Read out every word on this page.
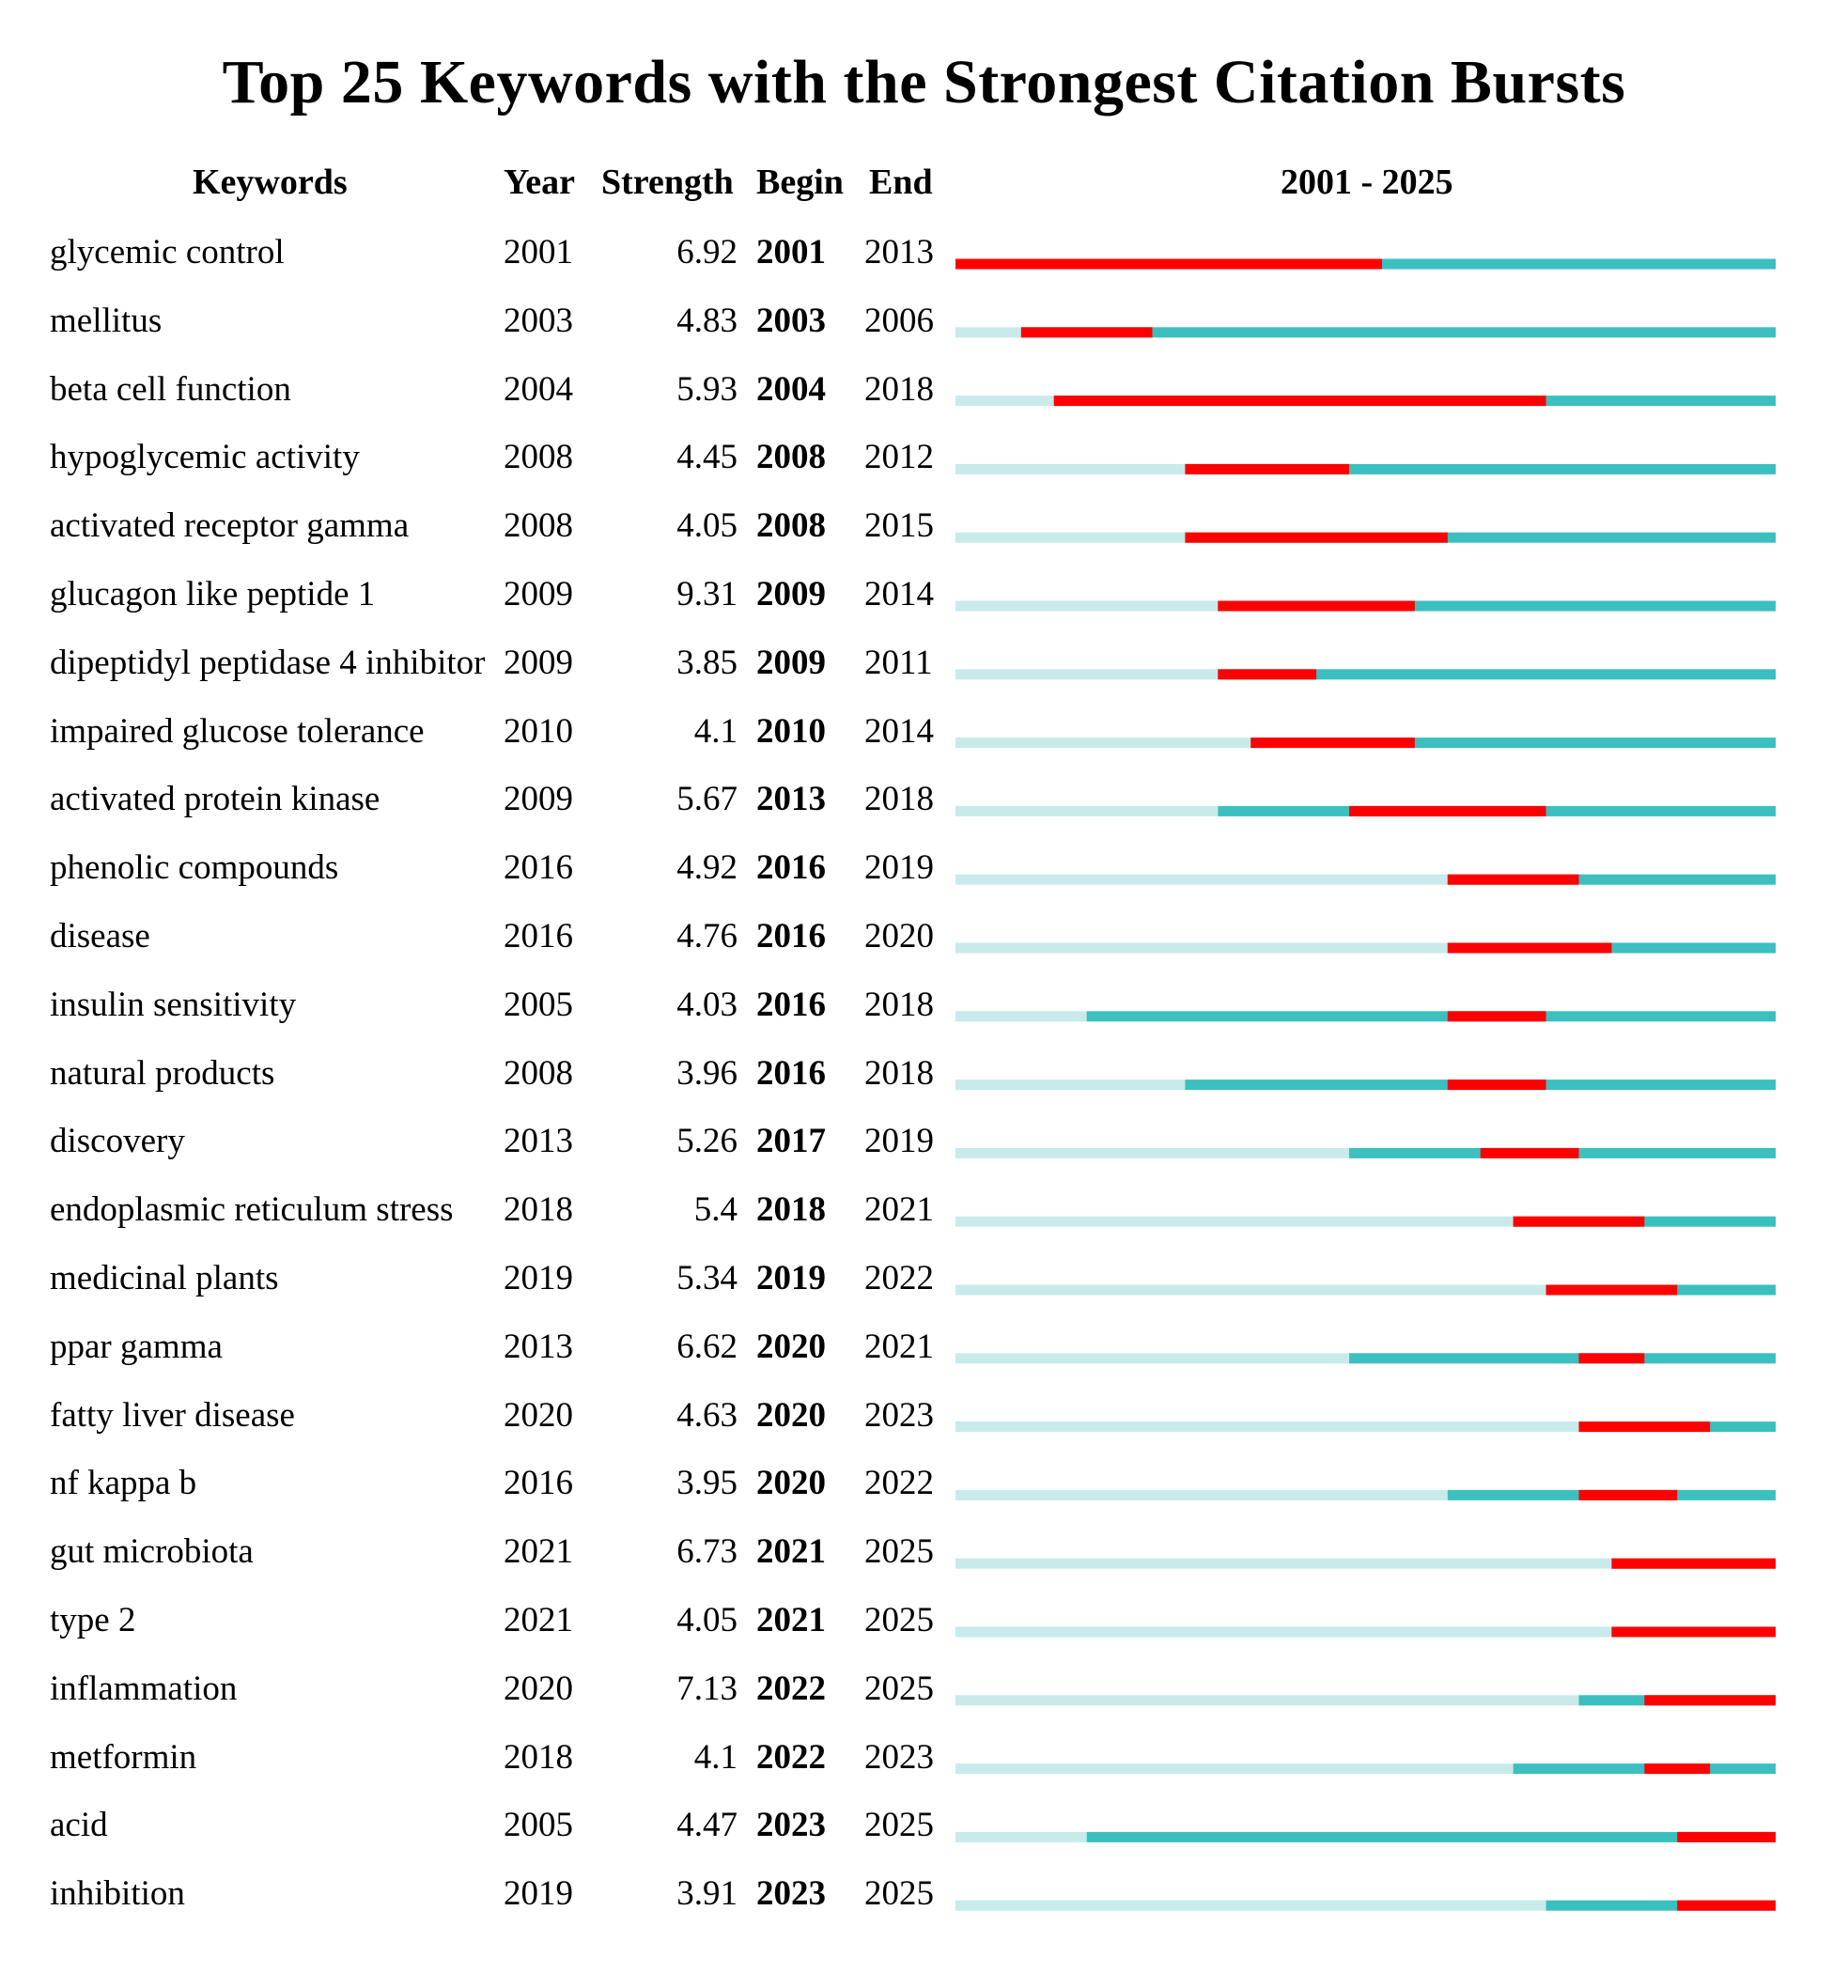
Top 25 Keywords with the Strongest Citation Bursts
Keywords	Year Strength Begin End	2001 - 2025
glycemic control	2001	6.92 2001	2013
mellitus	2003	4.83 2003	2006
beta cell function	2004	5.93 2004	2018
hypoglycemic activity	2008	4.45 2008	2012
activated receptor gamma	2008	4.05 2008	2015
glucagon like peptide 1	2009	9.31 2009	2014
dipeptidyl peptidase 4 inhibitor 2009	3.85 2009	2011
impaired glucose tolerance 2010	4.1 2010	2014
activated protein kinase	2009	5.67 2013	2018
phenolic compounds	2016	4.92 2016	2019
disease	2016	4.76 2016	2020
insulin sensitivity	2005	4.03 2016	2018
natural products	2008	3.96 2016	2018
discovery	2013	5.26 2017	2019
endoplasmic reticulum stress 2018	5.4 2018	2021
medicinal plants	2019	5.34 2019	2022
ppar gamma	2013	6.62 2020	2021
fatty liver disease	2020	4.63 2020	2023
nf kappa b	2016	3.95 2020	2022
gut microbiota	2021	6.73 2021	2025
type 2	2021	4.05 2021	2025
inflammation	2020	7.13 2022	2025
metformin	2018	4.1 2022	2023
acid	2005	4.47 2023	2025
inhibition	2019	3.91 2023	2025
